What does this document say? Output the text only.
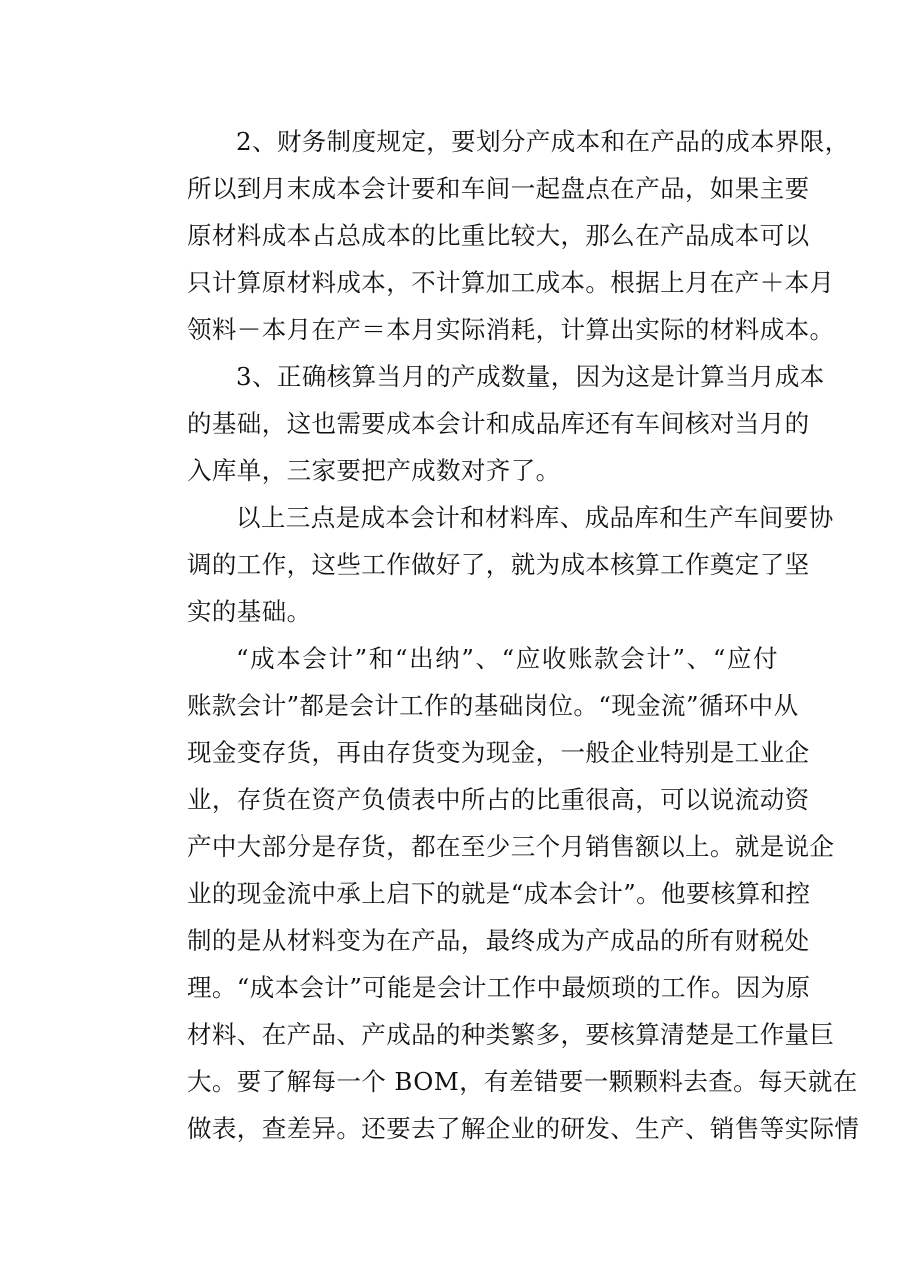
2、财务制度规定，要划分产成本和在产品的成本界限，
所以到月末成本会计要和车间一起盘点在产品，如果主要
原材料成本占总成本的比重比较大，那么在产品成本可以
只计算原材料成本，不计算加工成本。根据上月在产＋本月
领料－本月在产＝本月实际消耗，计算出实际的材料成本。
3、正确核算当月的产成数量，因为这是计算当月成本
的基础，这也需要成本会计和成品库还有车间核对当月的
入库单，三家要把产成数对齐了。
以上三点是成本会计和材料库、成品库和生产车间要协
调的工作，这些工作做好了，就为成本核算工作奠定了坚
实的基础。
“成本会计”和“出纳”、“应收账款会计”、“应付
账款会计”都是会计工作的基础岗位。“现金流”循环中从
现金变存货，再由存货变为现金，一般企业特别是工业企
业，存货在资产负债表中所占的比重很高，可以说流动资
产中大部分是存货，都在至少三个月销售额以上。就是说企
业的现金流中承上启下的就是“成本会计”。他要核算和控
制的是从材料变为在产品，最终成为产成品的所有财税处
理。“成本会计”可能是会计工作中最烦琐的工作。因为原
材料、在产品、产成品的种类繁多，要核算清楚是工作量巨
大。要了解每一个 BOM，有差错要一颗颗料去查。每天就在
做表，查差异。还要去了解企业的研发、生产、销售等实际情
